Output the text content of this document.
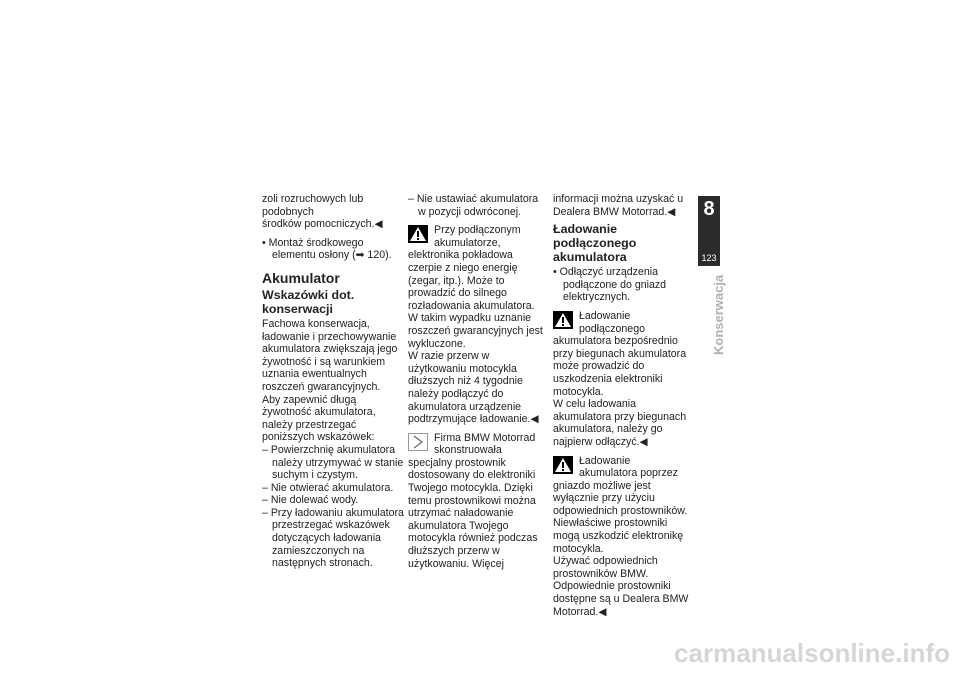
zoli rozruchowych lub podobnych

środków pomocniczych.◀

• Montaż środkowego elementu osłony (➡ 120).

Akumulator
Wskazówki dot. konserwacji

Fachowa konserwacja, ładowanie i przechowywanie akumulatora zwiększają jego żywotność i są warunkiem uznania ewentualnych roszczeń gwarancyjnych.

Aby zapewnić długą żywotność akumulatora, należy przestrzegać poniższych wskazówek:

– Powierzchnię akumulatora należy utrzymywać w stanie suchym i czystym.

– Nie otwierać akumulatora.

– Nie dolewać wody.

– Przy ładowaniu akumulatora przestrzegać wskazówek dotyczących ładowania zamieszczonych na następnych stronach.

– Nie ustawiać akumulatora w pozycji odwróconej.

Przy podłączonym akumulatorze, elektronika pokładowa czerpie z niego energię (zegar, itp.). Może to prowadzić do silnego rozładowania akumulatora. W takim wypadku uznanie roszczeń gwarancyjnych jest wykluczone.

W razie przerw w użytkowaniu motocykla dłuższych niż 4 tygodnie należy podłączyć do akumulatora urządzenie podtrzymujące ładowanie.◀

Firma BMW Motorrad skonstruowała specjalny prostownik dostosowany do elektroniki Twojego motocykla. Dzięki temu prostownikowi można utrzymać naładowanie akumulatora Twojego motocykla również podczas dłuższych przerw w użytkowaniu. Więcej

informacji można uzyskać u Dealera BMW Motorrad.◀

Ładowanie podłączonego akumulatora

• Odłączyć urządzenia podłączone do gniazd elektrycznych.

Ładowanie podłączonego akumulatora bezpośrednio przy biegunach akumulatora może prowadzić do uszkodzenia elektroniki motocykla.

W celu ładowania akumulatora przy biegunach akumulatora, należy go najpierw odłączyć.◀

Ładowanie akumulatora poprzez gniazdo możliwe jest wyłącznie przy użyciu odpowiednich prostowników. Niewłaściwe prostowniki mogą uszkodzić elektronikę motocykla.

Używać odpowiednich prostowników BMW. Odpowiednie prostowniki dostępne są u Dealera BMW Motorrad.◀

8
123
Konserwacja
carmanualsonline.info
